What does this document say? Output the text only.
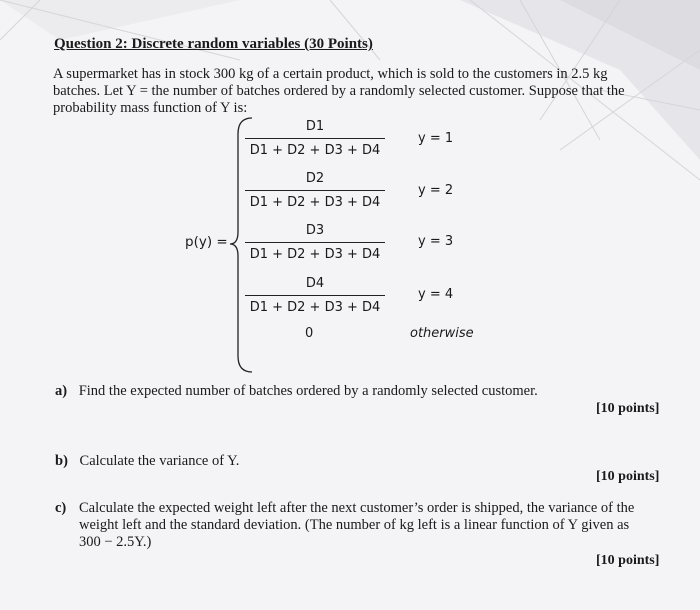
Question 2: Discrete random variables (30 Points)
A supermarket has in stock 300 kg of a certain product, which is sold to the customers in 2.5 kg batches. Let Y = the number of batches ordered by a randomly selected customer. Suppose that the probability mass function of Y is:
p(y) =
D1
D1 + D2 + D3 + D4
y = 1
D2
D1 + D2 + D3 + D4
y = 2
D3
D1 + D2 + D3 + D4
y = 3
D4
D1 + D2 + D3 + D4
y = 4
0	otherwise
a) Find the expected number of batches ordered by a randomly selected customer.
[10 points]
b) Calculate the variance of Y.
[10 points]
c) Calculate the expected weight left after the next customer’s order is shipped, the variance of the weight left and the standard deviation. (The number of kg left is a linear function of Y given as 300 − 2.5Y.)
[10 points]
